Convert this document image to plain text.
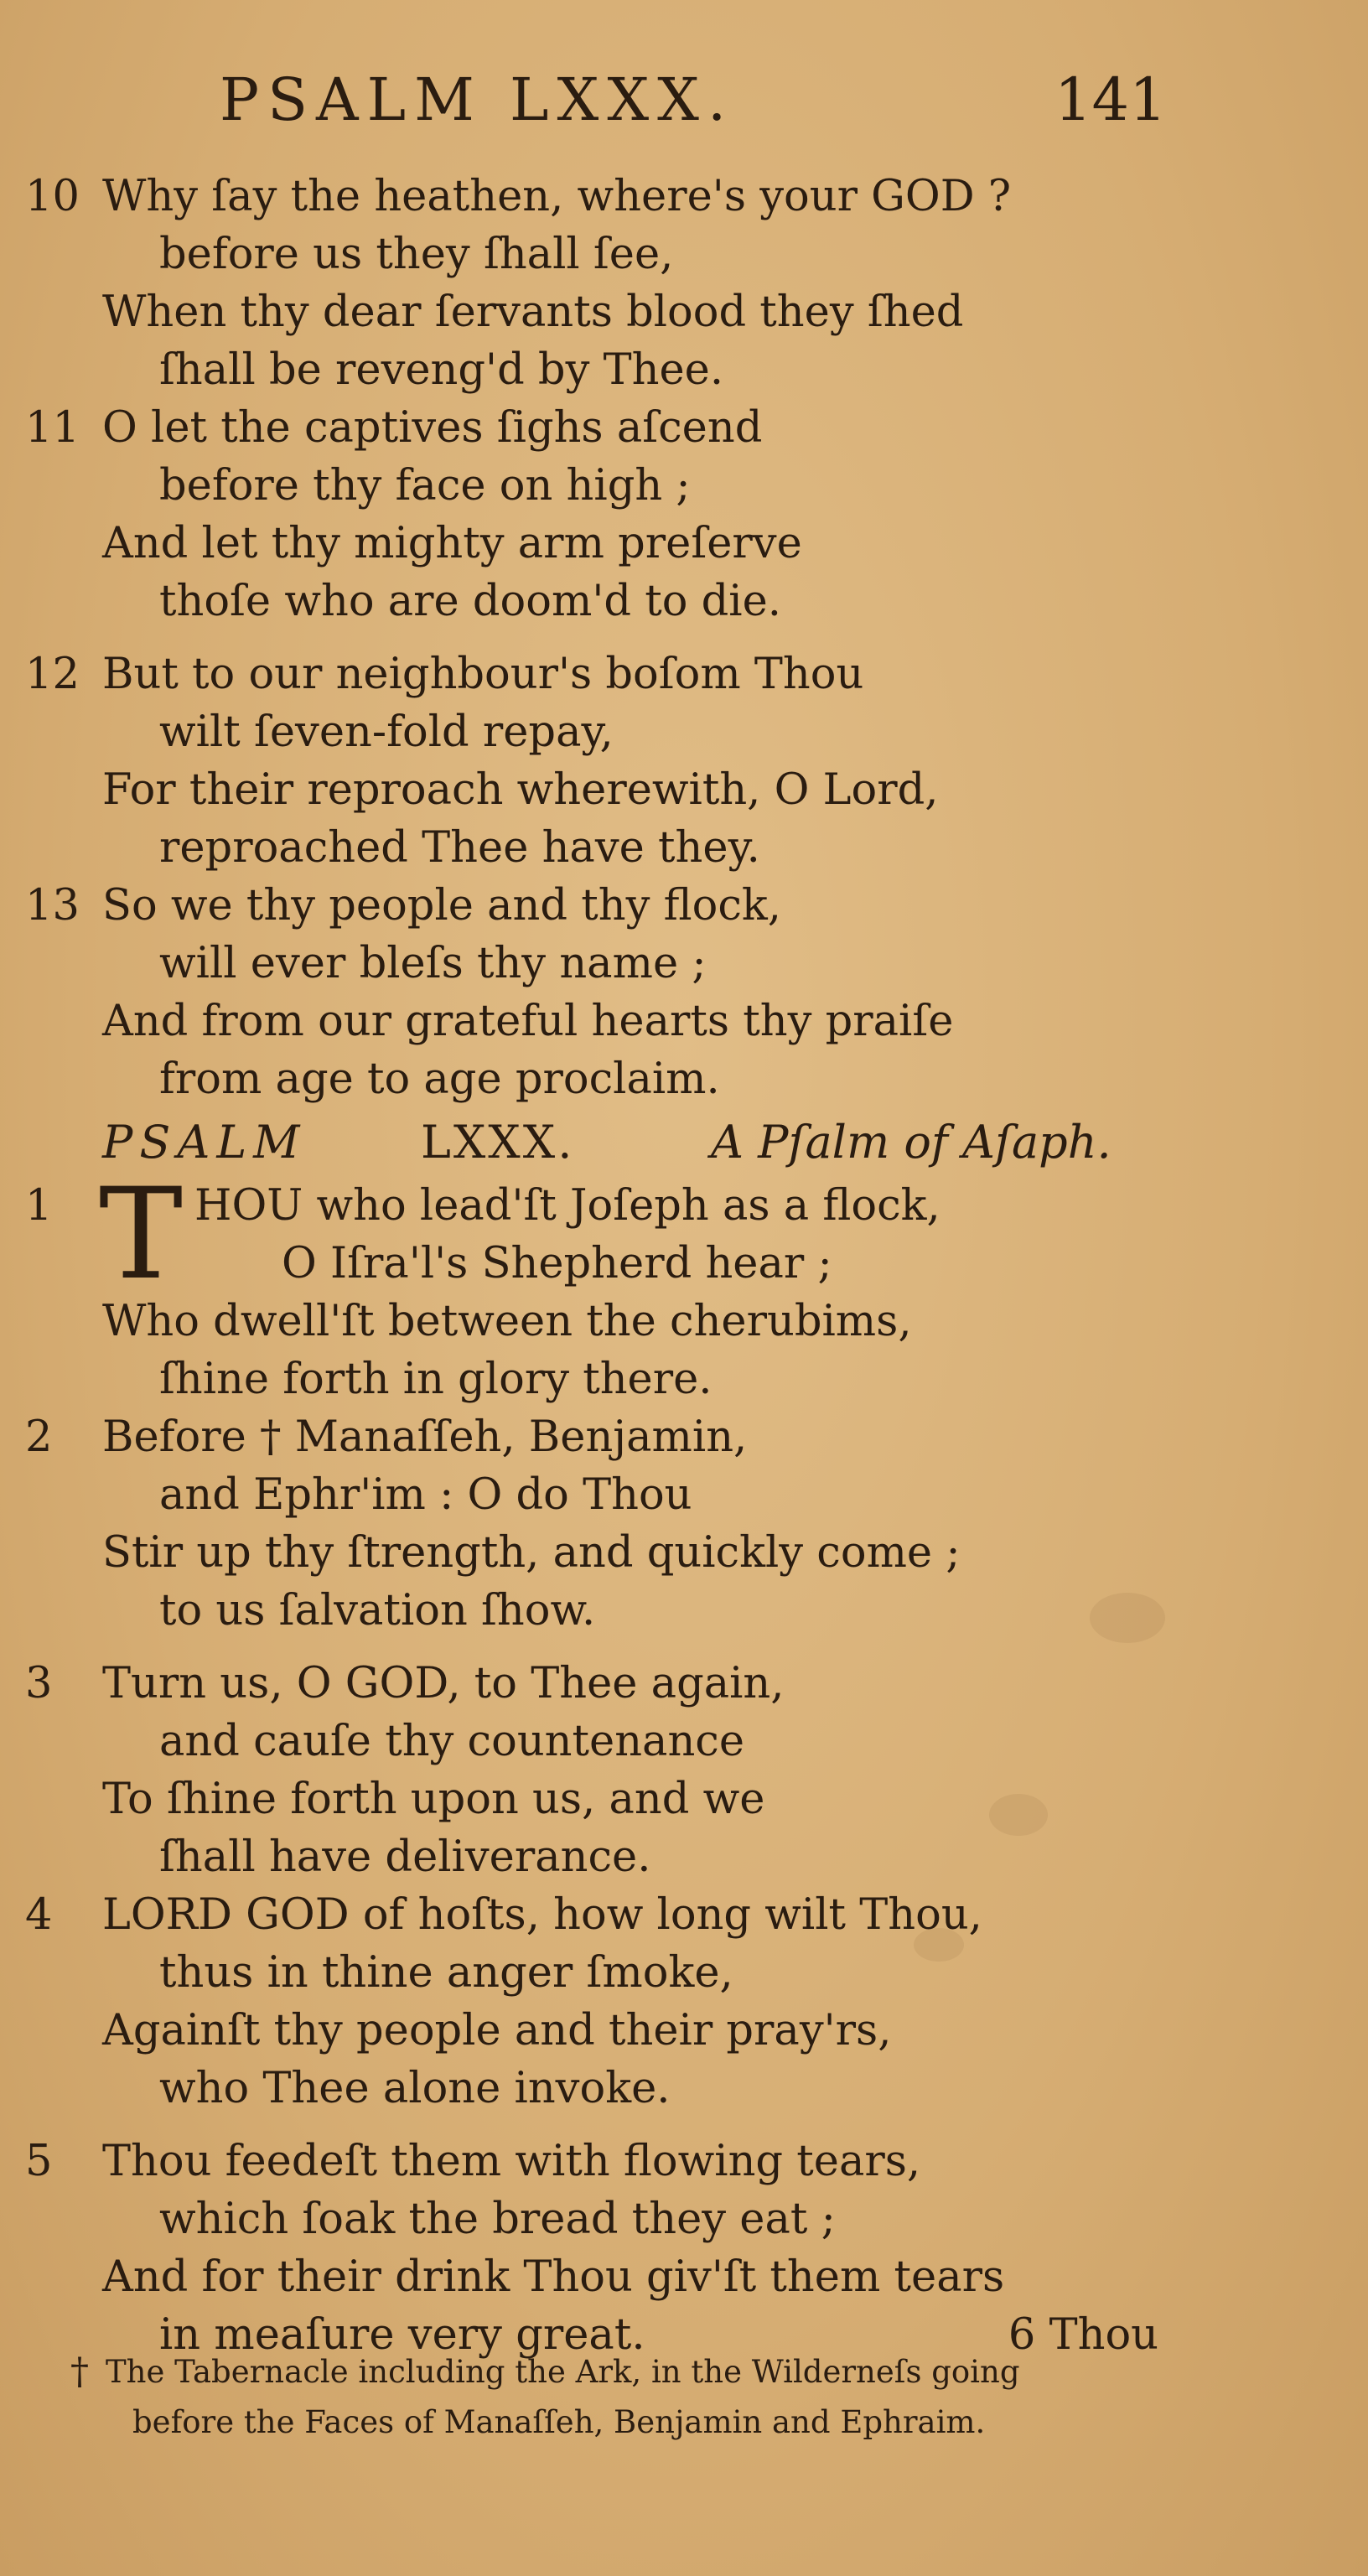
PSALM LXXX.	141
10 Why ſay the heathen, where's your GOD ?
before us they ſhall ſee,
When thy dear ſervants blood they ſhed
ſhall be reveng'd by Thee.
11 O let the captives ſighs aſcend
before thy face on high ;
And let thy mighty arm preſerve
thoſe who are doom'd to die.
12 But to our neighbour's boſom Thou
wilt ſeven-fold repay,
For their reproach wherewith, O Lord,
reproached Thee have they.
13 So we thy people and thy flock,
will ever bleſs thy name ;
And from our grateful hearts thy praiſe
from age to age proclaim.
PSALM	LXXX.	A Pſalm of Aſaph.
1 T HOU who lead'ſt Joſeph as a flock,
O Iſra'l's Shepherd hear ;
Who dwell'ſt between the cherubims,
ſhine forth in glory there.
2	Before † Manaſſeh, Benjamin,
and Ephr'im : O do Thou
Stir up thy ſtrength, and quickly come ;
to us ſalvation ſhow.
3	Turn us, O GOD, to Thee again,
and cauſe thy countenance
To ſhine forth upon us, and we
ſhall have deliverance.
4	LORD GOD of hoſts, how long wilt Thou,
thus in thine anger ſmoke,
Againſt thy people and their pray'rs,
who Thee alone invoke.
5	Thou feedeſt them with flowing tears,
which ſoak the bread they eat ;
And for their drink Thou giv'ſt them tears
in meaſure very great.	6 Thou
† The Tabernacle including the Ark, in the Wilderneſs going
before the Faces of Manaſſeh, Benjamin and Ephraim.
